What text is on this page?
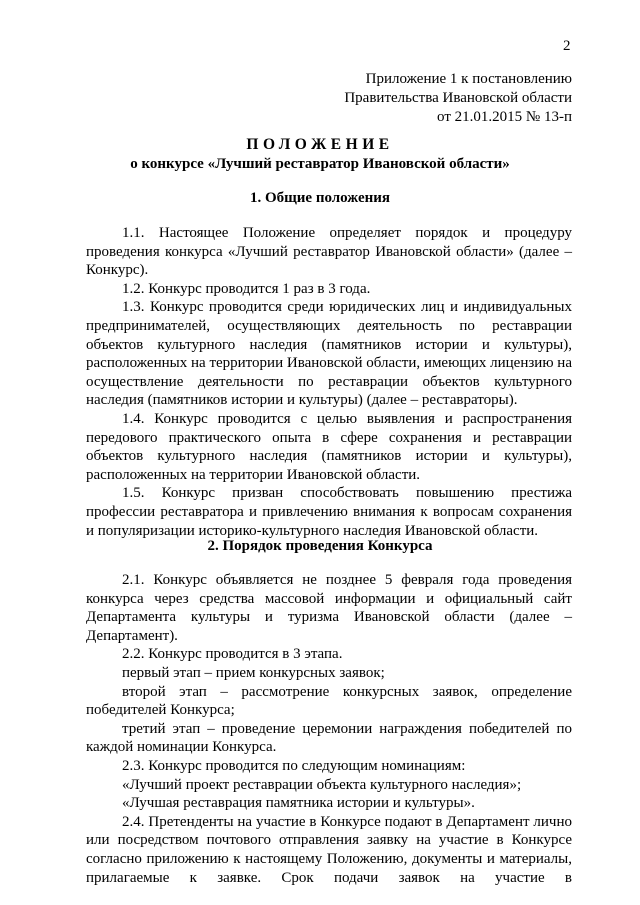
2
Приложение 1 к постановлению
Правительства Ивановской области
от 21.01.2015 № 13-п
ПОЛОЖЕНИЕ
о конкурсе «Лучший реставратор Ивановской области»
1. Общие положения

1.1. Настоящее Положение определяет порядок и процедуру проведения конкурса «Лучший реставратор Ивановской области» (далее – Конкурс).

1.2. Конкурс проводится 1 раз в 3 года.

1.3. Конкурс проводится среди юридических лиц и индивидуальных предпринимателей, осуществляющих деятельность по реставрации объектов культурного наследия (памятников истории и культуры), расположенных на территории Ивановской области, имеющих лицензию на осуществление деятельности по реставрации объектов культурного наследия (памятников истории и культуры) (далее – реставраторы).

1.4. Конкурс проводится с целью выявления и распространения передового практического опыта в сфере сохранения и реставрации объектов культурного наследия (памятников истории и культуры), расположенных на территории Ивановской области.

1.5. Конкурс призван способствовать повышению престижа профессии реставратора и привлечению внимания к вопросам сохранения и популяризации историко-культурного наследия Ивановской области.

2. Порядок проведения Конкурса

2.1. Конкурс объявляется не позднее 5 февраля года проведения конкурса через средства массовой информации и официальный сайт Департамента культуры и туризма Ивановской области (далее – Департамент).

2.2. Конкурс проводится в 3 этапа.

первый этап – прием конкурсных заявок;

второй этап – рассмотрение конкурсных заявок, определение победителей Конкурса;

третий этап – проведение церемонии награждения победителей по каждой номинации Конкурса.

2.3. Конкурс проводится по следующим номинациям:

«Лучший проект реставрации объекта культурного наследия»;

«Лучшая реставрация памятника истории и культуры».

2.4. Претенденты на участие в Конкурсе подают в Департамент лично или посредством почтового отправления заявку на участие в Конкурсе согласно приложению к настоящему Положению, документы и материалы, прилагаемые к заявке. Срок подачи заявок на участие в
